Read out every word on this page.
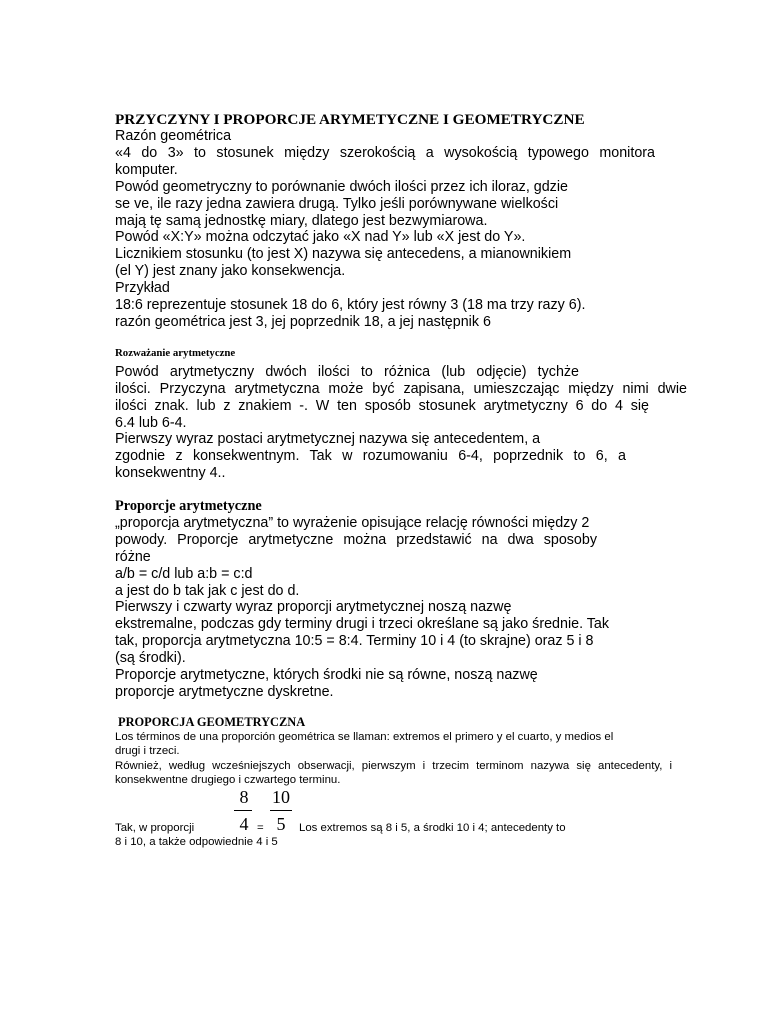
PRZYCZYNY I PROPORCJE ARYMETYCZNE I GEOMETRYCZNE
Razón geométrica
«4 do 3» to stosunek między szerokością a wysokością typowego monitora
komputer.
Powód geometryczny to porównanie dwóch ilości przez ich iloraz, gdzie
se ve, ile razy jedna zawiera drugą. Tylko jeśli porównywane wielkości
mają tę samą jednostkę miary, dlatego jest bezwymiarowa.
Powód «X:Y» można odczytać jako «X nad Y» lub «X jest do Y».
Licznikiem stosunku (to jest X) nazywa się antecedens, a mianownikiem
(el Y) jest znany jako konsekwencja.
Przykład
18:6 reprezentuje stosunek 18 do 6, który jest równy 3 (18 ma trzy razy 6).
razón geométrica jest 3, jej poprzednik 18, a jej następnik 6
Rozważanie arytmetyczne
Powód arytmetyczny dwóch ilości to różnica (lub odjęcie) tychże
ilości. Przyczyna arytmetyczna może być zapisana, umieszczając między nimi dwie
ilości znak. lub z znakiem -. W ten sposób stosunek arytmetyczny 6 do 4 się
6.4 lub 6-4.
Pierwszy wyraz postaci arytmetycznej nazywa się antecedentem, a
zgodnie z konsekwentnym. Tak w rozumowaniu 6-4, poprzednik to 6, a
konsekwentny 4..
Proporcje arytmetyczne
„proporcja arytmetyczna” to wyrażenie opisujące relację równości między 2
powody. Proporcje arytmetyczne można przedstawić na dwa sposoby
różne
a/b = c/d lub a:b = c:d
a jest do b tak jak c jest do d.
Pierwszy i czwarty wyraz proporcji arytmetycznej noszą nazwę
ekstremalne, podczas gdy terminy drugi i trzeci określane są jako średnie. Tak
tak, proporcja arytmetyczna 10:5 = 8:4. Terminy 10 i 4 (to skrajne) oraz 5 i 8
(są środki).
Proporcje arytmetyczne, których środki nie są równe, noszą nazwę
proporcje arytmetyczne dyskretne.
PROPORCJA GEOMETRYCZNA
Los términos de una proporción geométrica se llaman: extremos el primero y el cuarto, y medios el
drugi i trzeci.
Również, według wcześniejszych obserwacji, pierwszym i trzecim terminom nazywa się antecedenty, i
konsekwentne drugiego i czwartego terminu.
Tak, w proporcji
8
4 =
10
5	Los extremos są 8 i 5, a środki 10 i 4; antecedenty to
8 i 10, a także odpowiednie 4 i 5
